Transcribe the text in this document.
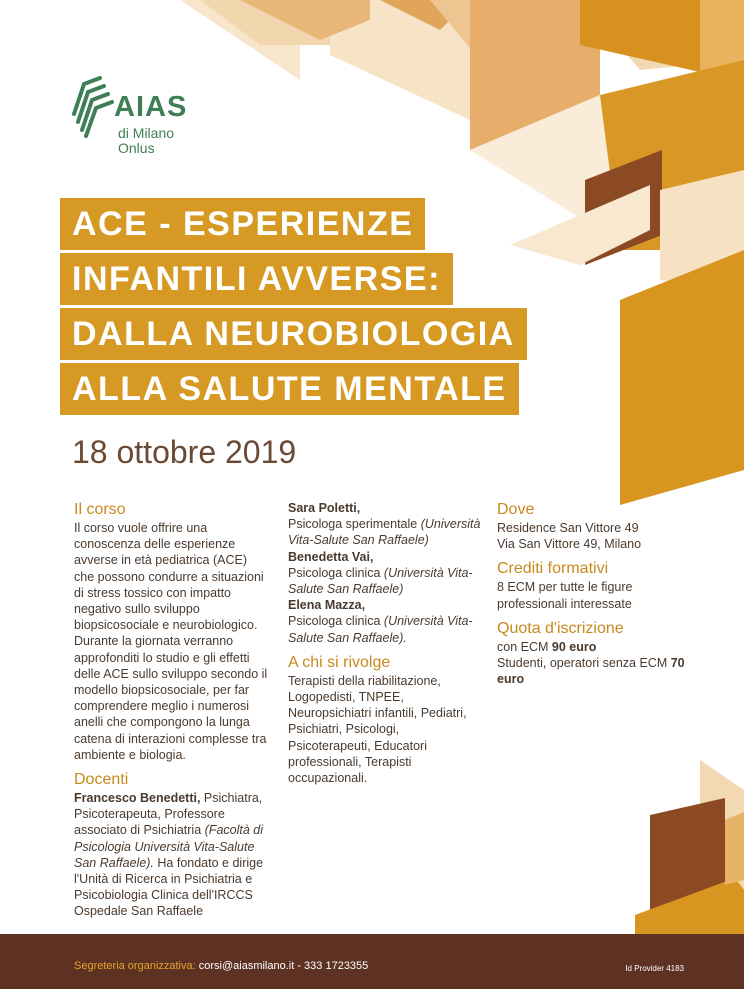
AIAS
di Milano
Onlus
ACE - ESPERIENZE
INFANTILI AVVERSE:
DALLA NEUROBIOLOGIA
ALLA SALUTE MENTALE
18 ottobre 2019
Il corso
Il corso vuole offrire una conoscenza delle esperienze avverse in età pediatrica (ACE) che possono condurre a situazioni di stress tossico con impatto negativo sullo sviluppo biopsicosociale e neurobiologico. Durante la giornata verranno approfonditi lo studio e gli effetti delle ACE sullo sviluppo secondo il modello biopsicosociale, per far comprendere meglio i numerosi anelli che compongono la lunga catena di interazioni complesse tra ambiente e biologia.
Docenti
Francesco Benedetti, Psichiatra, Psicoterapeuta, Professore associato di Psichiatria (Facoltà di Psicologia Università Vita-Salute San Raffaele). Ha fondato e dirige l'Unità di Ricerca in Psichiatria e Psicobiologia Clinica dell'IRCCS Ospedale San Raffaele
Sara Poletti,
Psicologa sperimentale (Università Vita-Salute San Raffaele)
Benedetta Vai,
Psicologa clinica (Università Vita-Salute San Raffaele)
Elena Mazza,
Psicologa clinica (Università Vita-Salute San Raffaele).
A chi si rivolge
Terapisti della riabilitazione, Logopedisti, TNPEE, Neuropsichiatri infantili, Pediatri, Psichiatri, Psicologi, Psicoterapeuti, Educatori professionali, Terapisti occupazionali.
Dove
Residence San Vittore 49
Via San Vittore 49, Milano
Crediti formativi
8 ECM per tutte le figure professionali interessate
Quota d'iscrizione
con ECM 90 euro
Studenti, operatori senza ECM 70 euro
Segreteria organizzativa: corsi@aiasmilano.it - 333 1723355	Id Provider 4183
